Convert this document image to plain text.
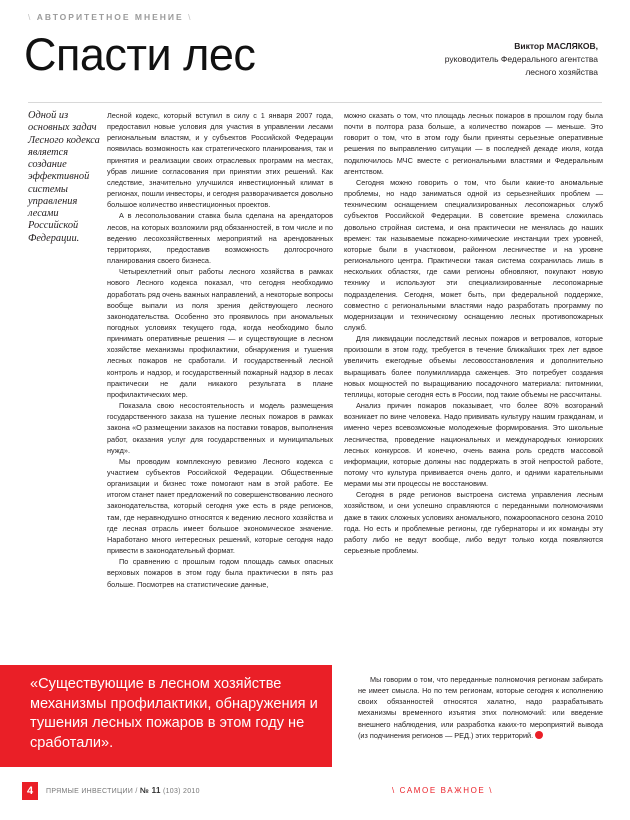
\ АВТОРИТЕТНОЕ МНЕНИЕ \
Спасти лес	Виктор МАСЛЯКОВ,
руководитель Федерального агентства
лесного хозяйства
Одной из основных задач Лесного кодекса является создание эффективной системы управления лесами Российской Федерации.

Лесной кодекс, который вступил в силу с 1 января 2007 года, предоставил новые условия для участия в управлении лесами региональным властям, и у субъектов Российской Федерации появилась возможность как стратегического планирования, так и принятия и реализации своих отраслевых программ на местах, убрав лишние согласования при принятии этих решений. Как следствие, значительно улучшился инвестиционный климат в регионах, пошли инвесторы, и сегодня разворачивается довольно большое количество инвестиционных проектов.

А в лесопользовании ставка была сделана на арендаторов лесов, на которых возложили ряд обязанностей, в том числе и по ведению лесохозяйственных мероприятий на арендованных территориях, предоставив возможность долгосрочного планирования своего бизнеса.

Четырехлетний опыт работы лесного хозяйства в рамках нового Лесного кодекса показал, что сегодня необходимо доработать ряд очень важных направлений, а некоторые вопросы вообще выпали из поля зрения действующего лесного законодательства. Особенно это проявилось при аномальных погодных условиях текущего года, когда необходимо было принимать оперативные решения — и существующие в лесном хозяйстве механизмы профилактики, обнаружения и тушения лесных пожаров не сработали. И государственный лесной контроль и надзор, и государственный пожарный надзор в лесах практически не дали никакого результата в плане профилактических мер.

Показала свою несостоятельность и модель размещения государственного заказа на тушение лесных пожаров в рамках закона «О размещении заказов на поставки товаров, выполнения работ, оказания услуг для государственных и муниципальных нужд».

Мы проводим комплексную ревизию Лесного кодекса с участием субъектов Российской Федерации. Общественные организации и бизнес тоже помогают нам в этой работе. Ее итогом станет пакет предложений по совершенствованию лесного законодательства, который сегодня уже есть в ряде регионов, там, где неравнодушно относятся к ведению лесного хозяйства и где лесная отрасль имеет большое экономическое значение. Наработано много интересных решений, которые сегодня надо привести в законодательный формат.

По сравнению с прошлым годом площадь самых опасных верховых пожаров в этом году была практически в пять раз больше. Посмотрев на статистические данные,

можно сказать о том, что площадь лесных пожаров в прошлом году была почти в полтора раза больше, а количество пожаров — меньше. Это говорит о том, что в этом году были приняты серьезные оперативные решения по выправлению ситуации — в последней декаде июля, когда подключилось МЧС вместе с региональными властями и Федеральным агентством.

Сегодня можно говорить о том, что были какие-то аномальные проблемы, но надо заниматься одной из серьезнейших проблем — техническим оснащением специализированных лесопожарных служб субъектов Российской Федерации. В советские времена сложилась довольно стройная система, и она практически не менялась до наших времен: так называемые пожарно-химические инстанции трех уровней, которые были в участковом, районном лесничестве и на уровне регионального центра. Практически такая система сохранилась лишь в нескольких областях, где сами регионы обновляют, покупают новую технику и используют эти специализированные лесопожарные подразделения. Сегодня, может быть, при федеральной поддержке, совместно с региональными властями надо разработать программу по модернизации и техническому оснащению лесных противопожарных служб.

Для ликвидации последствий лесных пожаров и ветровалов, которые произошли в этом году, требуется в течение ближайших трех лет вдвое увеличить ежегодные объемы лесовосстановления и дополнительно выращивать более полумиллиарда саженцев. Это потребует создания новых мощностей по выращиванию посадочного материала: питомники, теплицы, которые сегодня есть в России, под такие объемы не рассчитаны.

Анализ причин пожаров показывает, что более 80% возгораний возникает по вине человека. Надо прививать культуру нашим гражданам, и именно через всевозможные молодежные формирования. Это школьные лесничества, проведение национальных и международных юниорских лесных конкурсов. И конечно, очень важна роль средств массовой информации, которые должны нас поддержать в этой непростой работе, потому что культура прививается очень долго, и одними карательными мерами мы эти процессы не восстановим.

Сегодня в ряде регионов выстроена система управления лесным хозяйством, и они успешно справляются с переданными полномочиями даже в таких сложных условиях аномального, пожароопасного сезона 2010 года. Но есть и проблемные регионы, где губернаторы и их команды эту работу либо не ведут вообще, либо ведут только когда появляются серьезные проблемы.

Мы говорим о том, что переданные полномочия регионам забирать не имеет смысла. Но по тем регионам, которые сегодня к исполнению своих обязанностей относятся халатно, надо разрабатывать механизмы временного изъятия этих полномочий: или введение внешнего наблюдения, или разработка каких-то мероприятий вывода (из подчинения регионов — РЕД.) этих территорий.
«Существующие в лесном хозяйстве механизмы профилактики, обнаружения и тушения лесных пожаров в этом году не сработали».
4	ПРЯМЫЕ ИНВЕСТИЦИИ / № 11 (103) 2010	\ САМОЕ ВАЖНОЕ \
